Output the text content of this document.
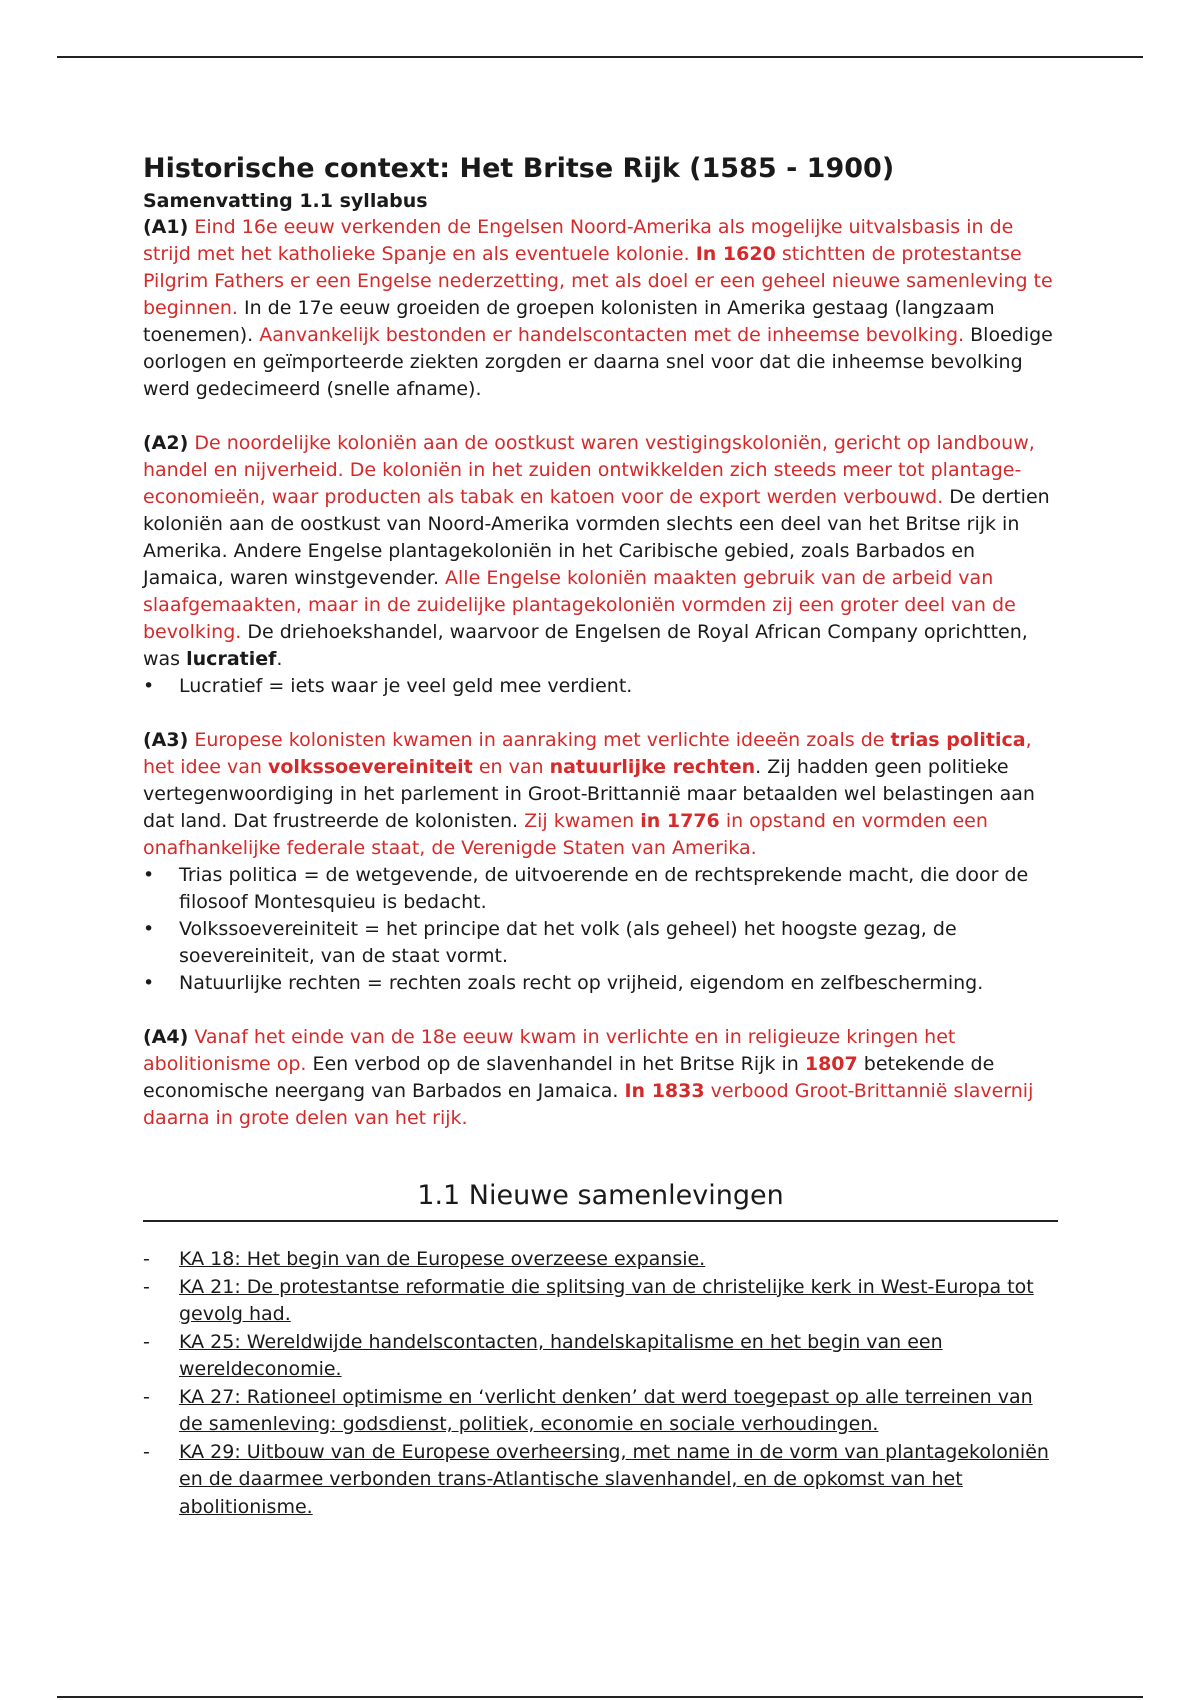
Historische context: Het Britse Rijk (1585 - 1900)
Samenvatting 1.1 syllabus

(A1) Eind 16e eeuw verkenden de Engelsen Noord-Amerika als mogelijke uitvalsbasis in de strijd met het katholieke Spanje en als eventuele kolonie. In 1620 stichtten de protestantse Pilgrim Fathers er een Engelse nederzetting, met als doel er een geheel nieuwe samenleving te beginnen. In de 17e eeuw groeiden de groepen kolonisten in Amerika gestaag (langzaam toenemen). Aanvankelijk bestonden er handelscontacten met de inheemse bevolking. Bloedige oorlogen en geïmporteerde ziekten zorgden er daarna snel voor dat die inheemse bevolking werd gedecimeerd (snelle afname).

(A2) De noordelijke koloniën aan de oostkust waren vestigingskoloniën, gericht op landbouw, handel en nijverheid. De koloniën in het zuiden ontwikkelden zich steeds meer tot plantage-economieën, waar producten als tabak en katoen voor de export werden verbouwd. De dertien koloniën aan de oostkust van Noord-Amerika vormden slechts een deel van het Britse rijk in Amerika. Andere Engelse plantagekoloniën in het Caribische gebied, zoals Barbados en Jamaica, waren winstgevender. Alle Engelse koloniën maakten gebruik van de arbeid van slaafgemaakten, maar in de zuidelijke plantagekoloniën vormden zij een groter deel van de bevolking. De driehoekshandel, waarvoor de Engelsen de Royal African Company oprichtten, was lucratief.

• Lucratief = iets waar je veel geld mee verdient.

(A3) Europese kolonisten kwamen in aanraking met verlichte ideeën zoals de trias politica, het idee van volkssoevereiniteit en van natuurlijke rechten. Zij hadden geen politieke vertegenwoordiging in het parlement in Groot-Brittannië maar betaalden wel belastingen aan dat land. Dat frustreerde de kolonisten. Zij kwamen in 1776 in opstand en vormden een onafhankelijke federale staat, de Verenigde Staten van Amerika.

• Trias politica = de wetgevende, de uitvoerende en de rechtsprekende macht, die door de filosoof Montesquieu is bedacht.
• Volkssoevereiniteit = het principe dat het volk (als geheel) het hoogste gezag, de soevereiniteit, van de staat vormt.
• Natuurlijke rechten = rechten zoals recht op vrijheid, eigendom en zelfbescherming.

(A4) Vanaf het einde van de 18e eeuw kwam in verlichte en in religieuze kringen het abolitionisme op. Een verbod op de slavenhandel in het Britse Rijk in 1807 betekende de economische neergang van Barbados en Jamaica. In 1833 verbood Groot-Brittannië slavernij daarna in grote delen van het rijk.

1.1 Nieuwe samenlevingen
- KA 18: Het begin van de Europese overzeese expansie.
- KA 21: De protestantse reformatie die splitsing van de christelijke kerk in West-Europa tot gevolg had.
- KA 25: Wereldwijde handelscontacten, handelskapitalisme en het begin van een wereldeconomie.
- KA 27: Rationeel optimisme en ‘verlicht denken’ dat werd toegepast op alle terreinen van de samenleving: godsdienst, politiek, economie en sociale verhoudingen.
- KA 29: Uitbouw van de Europese overheersing, met name in de vorm van plantagekoloniën en de daarmee verbonden trans-Atlantische slavenhandel, en de opkomst van het abolitionisme.
